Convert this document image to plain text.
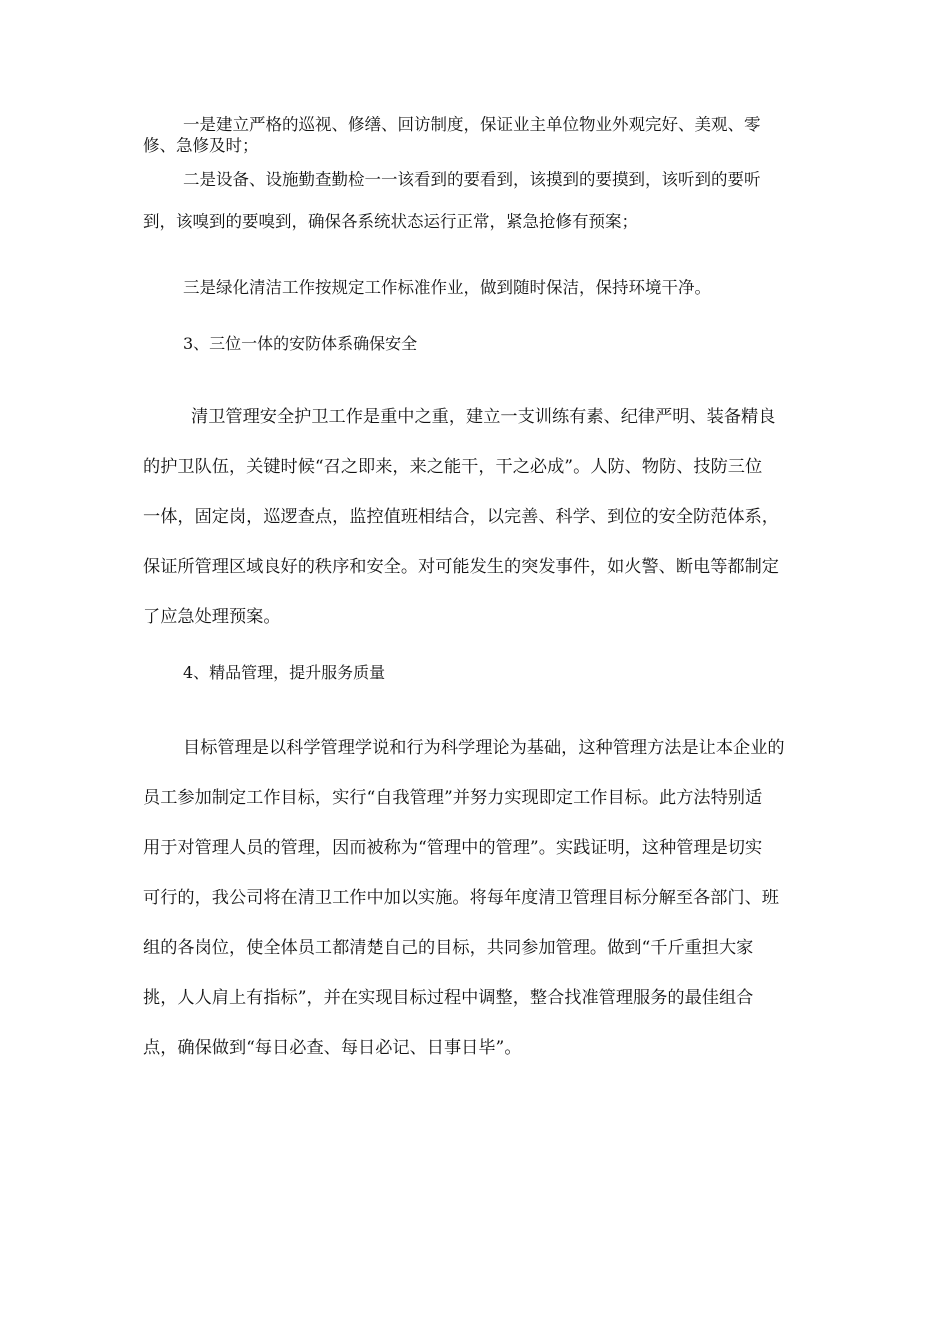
一是建立严格的巡视、修缮、回访制度，保证业主单位物业外观完好、美观、零
修、急修及时；

二是设备、设施勤查勤检一一该看到的要看到，该摸到的要摸到，该听到的要听
到，该嗅到的要嗅到，确保各系统状态运行正常，紧急抢修有预案；

三是绿化清洁工作按规定工作标准作业，做到随时保洁，保持环境干净。

3、三位一体的安防体系确保安全

清卫管理安全护卫工作是重中之重，建立一支训练有素、纪律严明、装备精良
的护卫队伍，关键时候“召之即来，来之能干，干之必成”。人防、物防、技防三位
一体，固定岗，巡逻查点，监控值班相结合，以完善、科学、到位的安全防范体系，
保证所管理区域良好的秩序和安全。对可能发生的突发事件，如火警、断电等都制定
了应急处理预案。

4、精品管理，提升服务质量

目标管理是以科学管理学说和行为科学理论为基础，这种管理方法是让本企业的
员工参加制定工作目标，实行“自我管理”并努力实现即定工作目标。此方法特别适
用于对管理人员的管理，因而被称为“管理中的管理”。实践证明，这种管理是切实
可行的，我公司将在清卫工作中加以实施。将每年度清卫管理目标分解至各部门、班
组的各岗位，使全体员工都清楚自己的目标，共同参加管理。做到“千斤重担大家
挑，人人肩上有指标”，并在实现目标过程中调整，整合找准管理服务的最佳组合
点，确保做到“每日必查、每日必记、日事日毕”。
